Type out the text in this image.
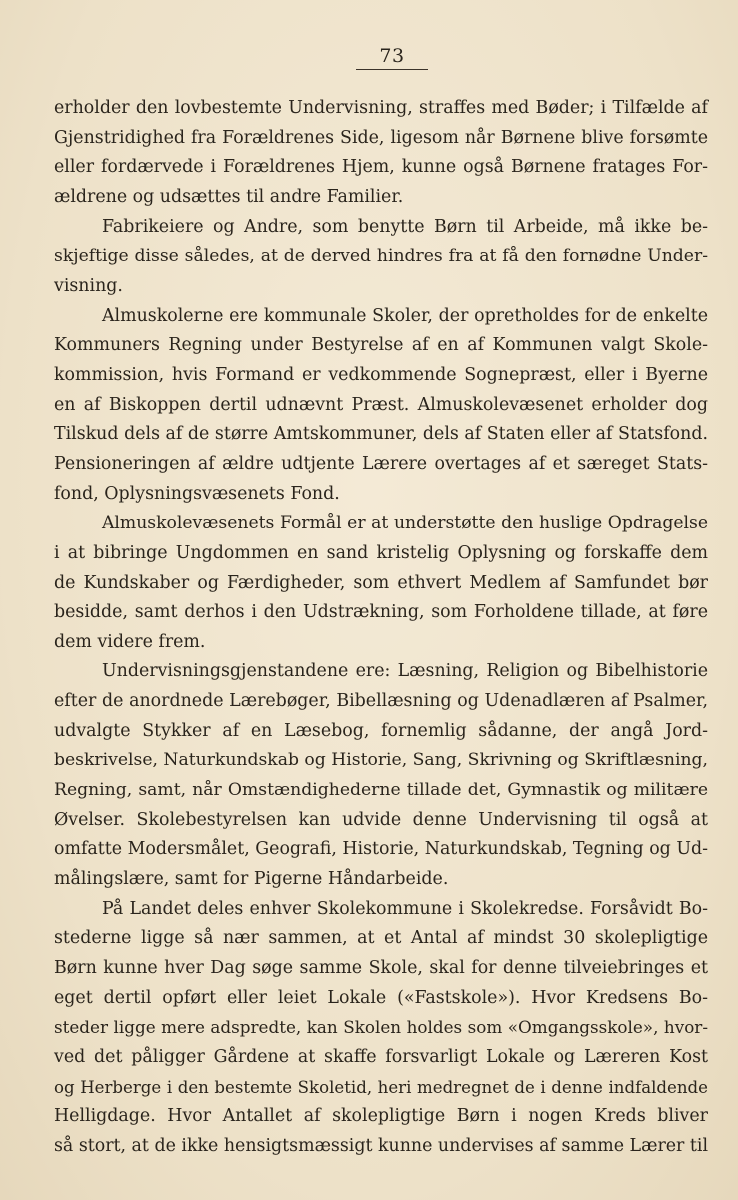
73
erholder den lovbestemte Undervisning, straffes med Bøder; i Tilfælde af
Gjenstridighed fra Forældrenes Side, ligesom når Børnene blive forsømte
eller fordærvede i Forældrenes Hjem, kunne også Børnene fratages For-
ældrene og udsættes til andre Familier.
Fabrikeiere og Andre, som benytte Børn til Arbeide, må ikke be-
skjeftige disse således, at de derved hindres fra at få den fornødne Under-
visning.
Almuskolerne ere kommunale Skoler, der opretholdes for de enkelte
Kommuners Regning under Bestyrelse af en af Kommunen valgt Skole-
kommission, hvis Formand er vedkommende Sognepræst, eller i Byerne
en af Biskoppen dertil udnævnt Præst. Almuskolevæsenet erholder dog
Tilskud dels af de større Amtskommuner, dels af Staten eller af Statsfond.
Pensioneringen af ældre udtjente Lærere overtages af et særeget Stats-
fond, Oplysningsvæsenets Fond.
Almuskolevæsenets Formål er at understøtte den huslige Opdragelse
i at bibringe Ungdommen en sand kristelig Oplysning og forskaffe dem
de Kundskaber og Færdigheder, som ethvert Medlem af Samfundet bør
besidde, samt derhos i den Udstrækning, som Forholdene tillade, at føre
dem videre frem.
Undervisningsgjenstandene ere: Læsning, Religion og Bibelhistorie
efter de anordnede Lærebøger, Bibellæsning og Udenadlæren af Psalmer,
udvalgte Stykker af en Læsebog, fornemlig sådanne, der angå Jord-
beskrivelse, Naturkundskab og Historie, Sang, Skrivning og Skriftlæsning,
Regning, samt, når Omstændighederne tillade det, Gymnastik og militære
Øvelser. Skolebestyrelsen kan udvide denne Undervisning til også at
omfatte Modersmålet, Geografi, Historie, Naturkundskab, Tegning og Ud-
målingslære, samt for Pigerne Håndarbeide.
På Landet deles enhver Skolekommune i Skolekredse. Forsåvidt Bo-
stederne ligge så nær sammen, at et Antal af mindst 30 skolepligtige
Børn kunne hver Dag søge samme Skole, skal for denne tilveiebringes et
eget dertil opført eller leiet Lokale («Fastskole»). Hvor Kredsens Bo-
steder ligge mere adspredte, kan Skolen holdes som «Omgangsskole», hvor-
ved det påligger Gårdene at skaffe forsvarligt Lokale og Læreren Kost
og Herberge i den bestemte Skoletid, heri medregnet de i denne indfaldende
Helligdage. Hvor Antallet af skolepligtige Børn i nogen Kreds bliver
så stort, at de ikke hensigtsmæssigt kunne undervises af samme Lærer til
